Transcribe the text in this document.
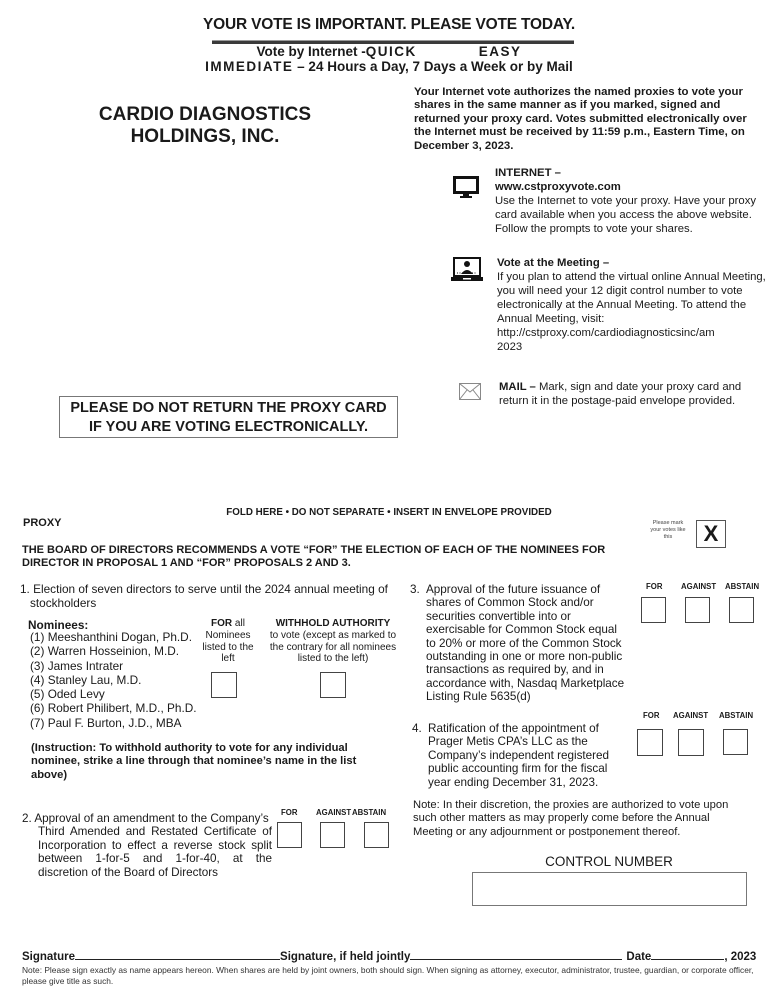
YOUR VOTE IS IMPORTANT. PLEASE VOTE TODAY.
Vote by Internet -QUICK	EASY
IMMEDIATE – 24 Hours a Day, 7 Days a Week or by Mail
CARDIO DIAGNOSTICS
HOLDINGS, INC.
Your Internet vote authorizes the named proxies to vote your shares in the same manner as if you marked, signed and returned your proxy card. Votes submitted electronically over the Internet must be received by 11:59 p.m., Eastern Time, on December 3, 2023.
INTERNET –
www.cstproxyvote.com
Use the Internet to vote your proxy. Have your proxy card available when you access the above website. Follow the prompts to vote your shares.
Vote at the Meeting –
If you plan to attend the virtual online Annual Meeting, you will need your 12 digit control number to vote electronically at the Annual Meeting. To attend the Annual Meeting, visit:
http://cstproxy.com/cardiodiagnosticsinc/am 2023
MAIL – Mark, sign and date your proxy card and return it in the postage-paid envelope provided.
PLEASE DO NOT RETURN THE PROXY CARD
IF YOU ARE VOTING ELECTRONICALLY.
FOLD HERE • DO NOT SEPARATE • INSERT IN ENVELOPE PROVIDED
PROXY	Please mark your votes like this	X
THE BOARD OF DIRECTORS RECOMMENDS A VOTE “FOR” THE ELECTION OF EACH OF THE NOMINEES FOR DIRECTOR IN PROPOSAL 1 AND “FOR” PROPOSALS 2 AND 3.
1. Election of seven directors to serve until the 2024 annual meeting of
stockholders
Nominees:
(1) Meeshanthini Dogan, Ph.D.
(2) Warren Hosseinion, M.D.
(3) James Intrater
(4) Stanley Lau, M.D.
(5) Oded Levy
(6) Robert Philibert, M.D., Ph.D.
(7) Paul F. Burton, J.D., MBA
FOR all Nominees listed to the left
WITHHOLD AUTHORITY
to vote (except as marked to the contrary for all nominees listed to the left)
(Instruction: To withhold authority to vote for any individual nominee, strike a line through that nominee’s name in the list above)
2. Approval of an amendment to the Company’s
Third Amended and Restated Certificate of Incorporation to effect a reverse stock split between 1-for-5 and 1-for-40, at the discretion of the Board of Directors
FOR AGAINST ABSTAIN
3. Approval of the future issuance of shares of Common Stock and/or securities convertible into or exercisable for Common Stock equal to 20% or more of the Common Stock outstanding in one or more non-public transactions as required by, and in accordance with, Nasdaq Marketplace Listing Rule 5635(d)
FOR AGAINST ABSTAIN
4. Ratification of the appointment of Prager Metis CPA’s LLC as the Company’s independent registered public accounting firm for the fiscal year ending December 31, 2023.
FOR AGAINST ABSTAIN
Note: In their discretion, the proxies are authorized to vote upon such other matters as may properly come before the Annual Meeting or any adjournment or postponement thereof.
CONTROL NUMBER
Signature	Signature, if held jointly	Date	, 2023
Note: Please sign exactly as name appears hereon. When shares are held by joint owners, both should sign. When signing as attorney, executor, administrator, trustee, guardian, or corporate officer, please give title as such.
